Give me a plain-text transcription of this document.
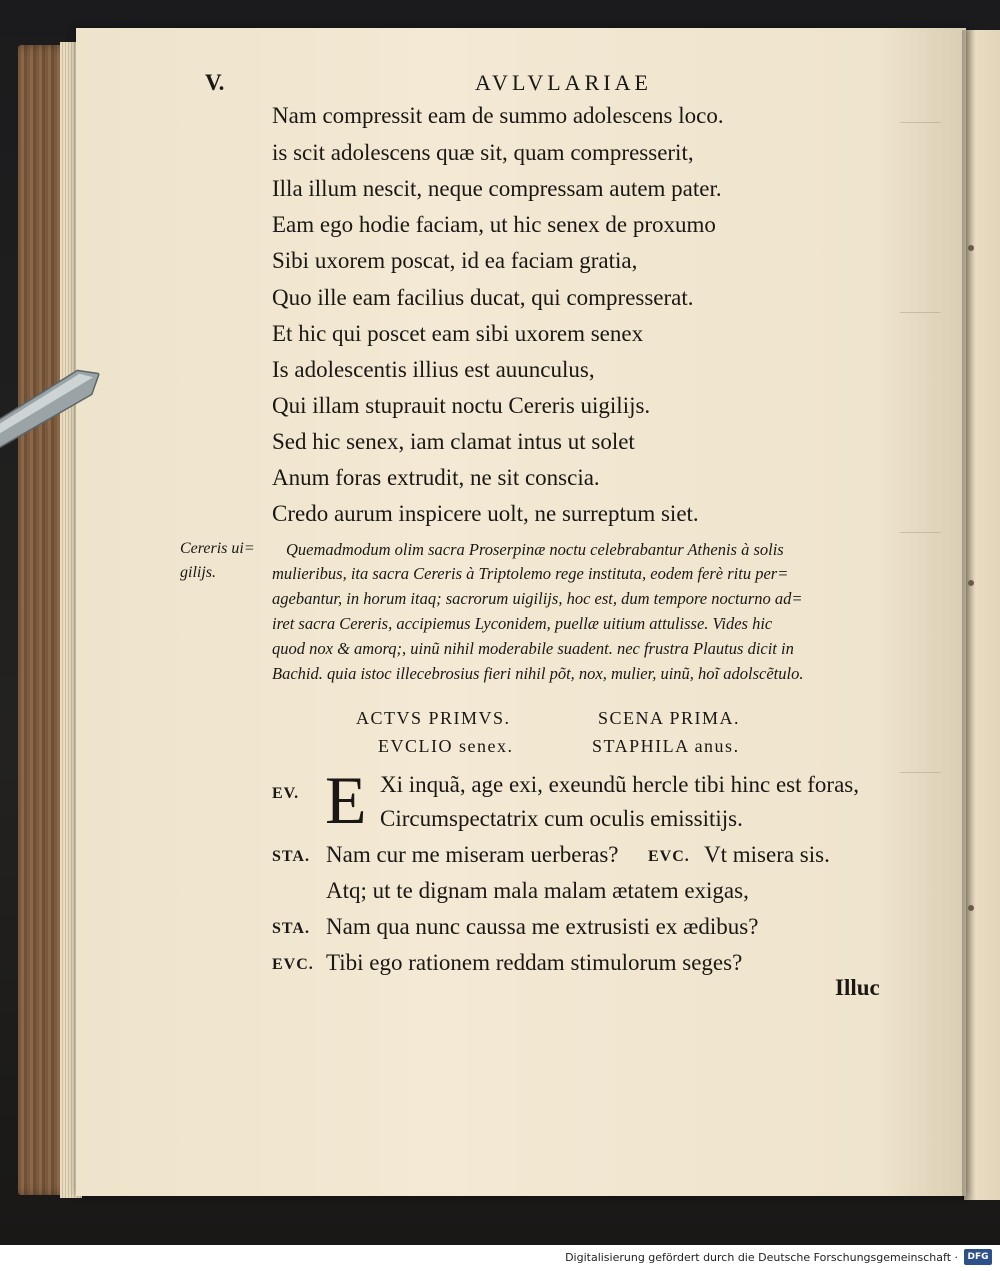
——
——
——
——
V.	AVLVLARIAE
Nam compressit eam de summo adolescens loco.
is scit adolescens quæ sit, quam compresserit,
Illa illum nescit, neque compressam autem pater.
Eam ego hodie faciam, ut hic senex de proxumo
Sibi uxorem poscat, id ea faciam gratia,
Quo ille eam facilius ducat, qui compresserat.
Et hic qui poscet eam sibi uxorem senex
Is adolescentis illius est auunculus,
Qui illam stuprauit noctu Cereris uigilijs.
Sed hic senex, iam clamat intus ut solet
Anum foras extrudit, ne sit conscia.
Credo aurum inspicere uolt, ne surreptum siet.
Cereris ui=
gilijs.
Quemadmodum olim sacra Proserpinæ noctu celebrabantur Athenis à solis
mulieribus, ita sacra Cereris à Triptolemo rege instituta, eodem ferè ritu per=
agebantur, in horum itaq; sacrorum uigilijs, hoc est, dum tempore nocturno ad=
iret sacra Cereris, accipiemus Lyconidem, puellæ uitium attulisse. Vides hic
quod nox & amorq;, uinũ nihil moderabile suadent. nec frustra Plautus dicit in
Bachid. quia istoc illecebrosius fieri nihil põt, nox, mulier, uinũ, hoĩ adolscẽtulo.
ACTVS PRIMVS.	SCENA PRIMA.
EVCLIO senex.	STAPHILA anus.
E
EV.	Xi inquã, age exi, exeundũ hercle tibi hinc est foras,
Circumspectatrix cum oculis emissitijs.
STA. Nam cur me miseram uerberas? EVC. Vt misera sis.
Atq; ut te dignam mala malam ætatem exigas,
STA. Nam qua nunc caussa me extrusisti ex ædibus?
EVC. Tibi ego rationem reddam stimulorum seges?
Illuc
Digitalisierung gefördert durch die Deutsche Forschungsgemeinschaft ·	DFG
